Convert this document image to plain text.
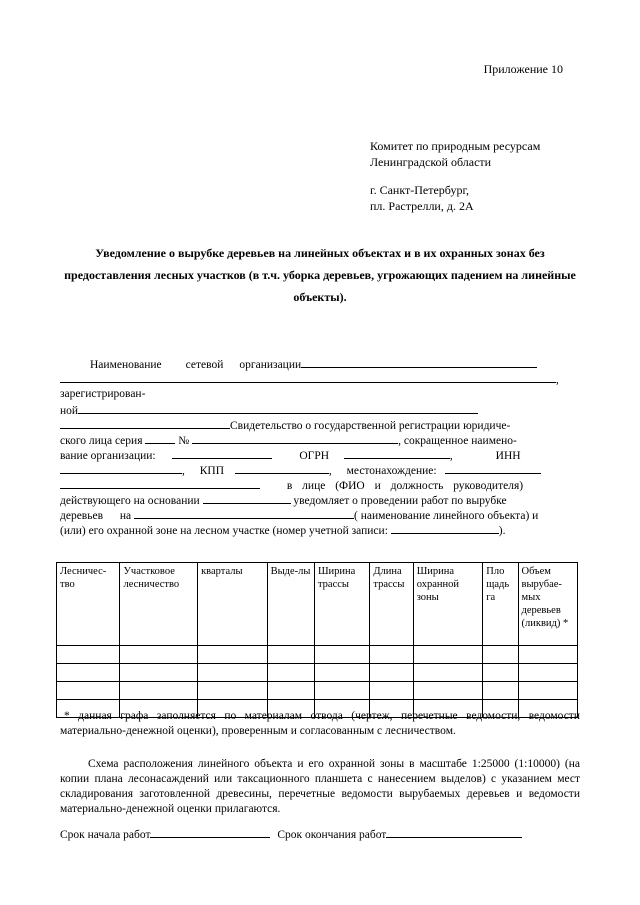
Приложение 10
Комитет по природным ресурсам
Ленинградской области
г. Санкт-Петербург,
пл. Растрелли, д. 2А
Уведомление о вырубке деревьев на линейных объектах и в их охранных зонах без предоставления лесных участков (в т.ч. уборка деревьев, угрожающих падением на линейные объекты).
Наименование сетевой организации
,
зарегистрирован-
ной
Свидетельство о государственной регистрации юридиче-
ского лица серия	№	, сокращенное наимено-
вание организации:	ОГРН	,	ИНН
, КПП	, местонахождение:
в лице (ФИО и должность руководителя)
действующего на основании	уведомляет о проведении работ по вырубке
деревьев на	( наименование линейного объекта) и
(или) его охранной зоне на лесном участке (номер учетной записи:	).
Лесничес-тво	Участковое лесничество	кварталы	Выде-лы	Ширина трассы	Длина трассы	Ширина охранной зоны	Пло щадь га	Объем вырубае-мых деревьев (ликвид) *

* данная графа заполняется по материалам отвода (чертеж, перечетные ведомости, ведомости материально-денежной оценки), проверенным и согласованным с лесничеством.
Схема расположения линейного объекта и его охранной зоны в масштабе 1:25000 (1:10000) (на копии плана лесонасаждений или таксационного планшета с нанесением выделов) с указанием мест складирования заготовленной древесины, перечетные ведомости вырубаемых деревьев и ведомости материально-денежной оценки прилагаются.
Срок начала работ	Срок окончания работ
